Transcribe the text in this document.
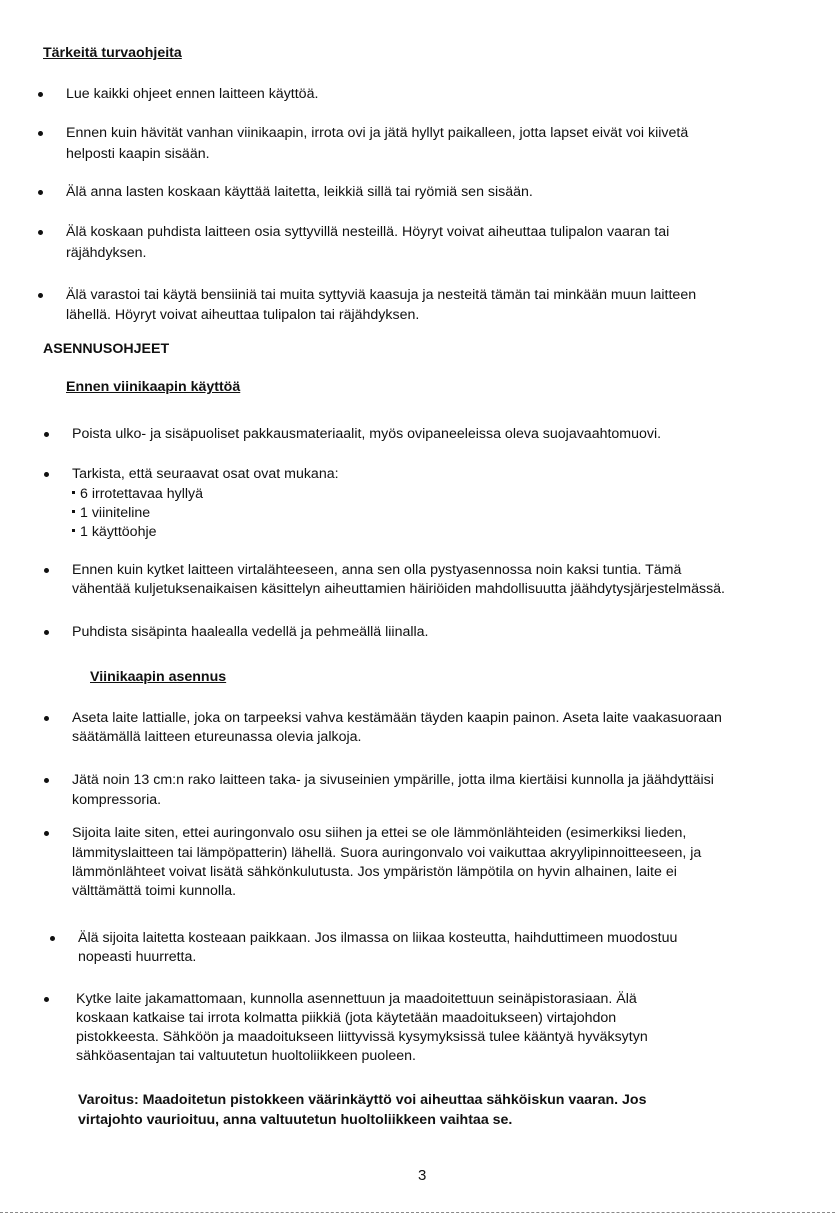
Tärkeitä turvaohjeita
Lue kaikki ohjeet ennen laitteen käyttöä.
Ennen kuin hävität vanhan viinikaapin, irrota ovi ja jätä hyllyt paikalleen, jotta lapset eivät voi kiivetä
helposti kaapin sisään.
Älä anna lasten koskaan käyttää laitetta, leikkiä sillä tai ryömiä sen sisään.
Älä koskaan puhdista laitteen osia syttyvillä nesteillä. Höyryt voivat aiheuttaa tulipalon vaaran tai
räjähdyksen.
Älä varastoi tai käytä bensiiniä tai muita syttyviä kaasuja ja nesteitä tämän tai minkään muun laitteen
lähellä. Höyryt voivat aiheuttaa tulipalon tai räjähdyksen.
ASENNUSOHJEET
Ennen viinikaapin käyttöä
Poista ulko- ja sisäpuoliset pakkausmateriaalit, myös ovipaneeleissa oleva suojavaahtomuovi.
Tarkista, että seuraavat osat ovat mukana:
6 irrotettavaa hyllyä
1 viiniteline
1 käyttöohje
Ennen kuin kytket laitteen virtalähteeseen, anna sen olla pystyasennossa noin kaksi tuntia. Tämä
vähentää kuljetuksenaikaisen käsittelyn aiheuttamien häiriöiden mahdollisuutta jäähdytysjärjestelmässä.
Puhdista sisäpinta haalealla vedellä ja pehmeällä liinalla.
Viinikaapin asennus
Aseta laite lattialle, joka on tarpeeksi vahva kestämään täyden kaapin painon. Aseta laite vaakasuoraan
säätämällä laitteen etureunassa olevia jalkoja.
Jätä noin 13 cm:n rako laitteen taka- ja sivuseinien ympärille, jotta ilma kiertäisi kunnolla ja jäähdyttäisi
kompressoria.
Sijoita laite siten, ettei auringonvalo osu siihen ja ettei se ole lämmönlähteiden (esimerkiksi lieden,
lämmityslaitteen tai lämpöpatterin) lähellä. Suora auringonvalo voi vaikuttaa akryylipinnoitteeseen, ja
lämmönlähteet voivat lisätä sähkönkulutusta. Jos ympäristön lämpötila on hyvin alhainen, laite ei
välttämättä toimi kunnolla.
Älä sijoita laitetta kosteaan paikkaan. Jos ilmassa on liikaa kosteutta, haihduttimeen muodostuu
nopeasti huurretta.
Kytke laite jakamattomaan, kunnolla asennettuun ja maadoitettuun seinäpistorasiaan. Älä
koskaan katkaise tai irrota kolmatta piikkiä (jota käytetään maadoitukseen) virtajohdon
pistokkeesta. Sähköön ja maadoitukseen liittyvissä kysymyksissä tulee kääntyä hyväksytyn
sähköasentajan tai valtuutetun huoltoliikkeen puoleen.
Varoitus: Maadoitetun pistokkeen väärinkäyttö voi aiheuttaa sähköiskun vaaran. Jos
virtajohto vaurioituu, anna valtuutetun huoltoliikkeen vaihtaa se.
3
